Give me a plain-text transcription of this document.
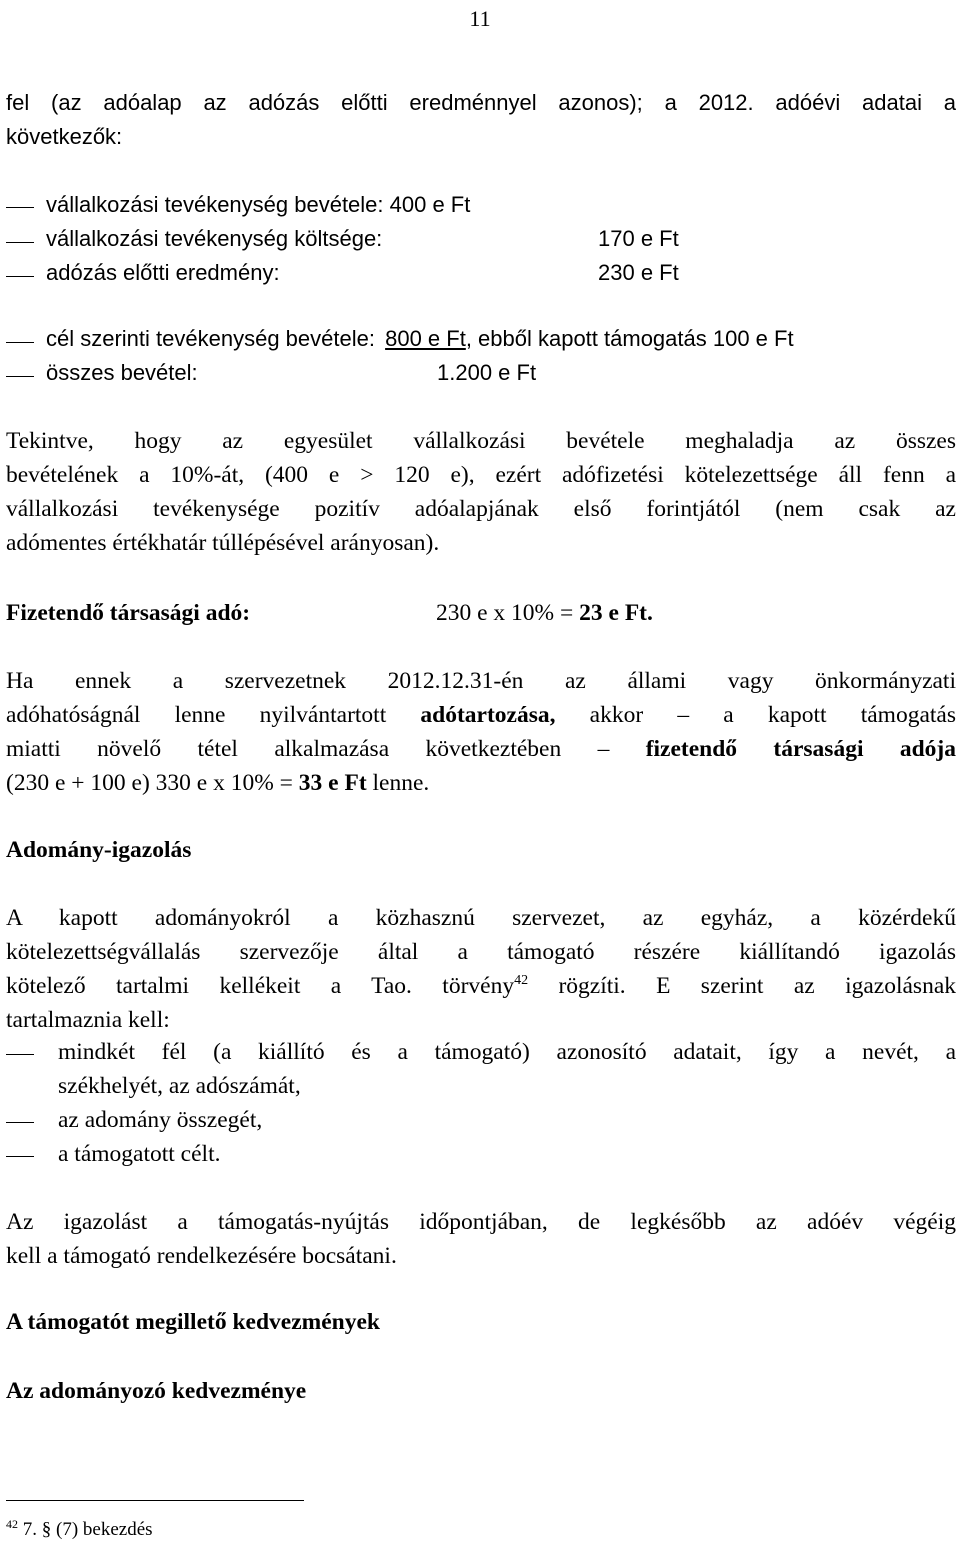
11
fel (az adóalap az adózás előtti eredménnyel azonos); a 2012. adóévi adatai a
következők:
vállalkozási tevékenység bevétele: 400 e Ft
vállalkozási tevékenység költsége:	170 e Ft
adózás előtti eredmény:	230 e Ft
cél szerinti tevékenység bevétele: 800 e Ft, ebből kapott támogatás 100 e Ft
összes bevétel:	1.200 e Ft
Tekintve, hogy az egyesület vállalkozási bevétele meghaladja az összes
bevételének a 10%-át, (400 e > 120 e), ezért adófizetési kötelezettsége áll fenn a
vállalkozási tevékenysége pozitív adóalapjának első forintjától (nem csak az
adómentes értékhatár túllépésével arányosan).
Fizetendő társasági adó:	230 e x 10% = 23 e Ft.
Ha ennek a szervezetnek 2012.12.31-én az állami vagy önkormányzati
adóhatóságnál lenne nyilvántartott adótartozása, akkor – a kapott támogatás
miatti növelő tétel alkalmazása következtében – fizetendő társasági adója
(230 e + 100 e) 330 e x 10% = 33 e Ft lenne.
Adomány-igazolás
A kapott adományokról a közhasznú szervezet, az egyház, a közérdekű
kötelezettségvállalás szervezője által a támogató részére kiállítandó igazolás
kötelező tartalmi kellékeit a Tao. törvény$^{42}$ rögzíti. E szerint az igazolásnak
tartalmaznia kell:
mindkét fél (a kiállító és a támogató) azonosító adatait, így a nevét, a
székhelyét, az adószámát,
az adomány összegét,
a támogatott célt.
Az igazolást a támogatás-nyújtás időpontjában, de legkésőbb az adóév végéig
kell a támogató rendelkezésére bocsátani.
A támogatót megillető kedvezmények
Az adományozó kedvezménye
$^{42}$ 7. § (7) bekezdés
